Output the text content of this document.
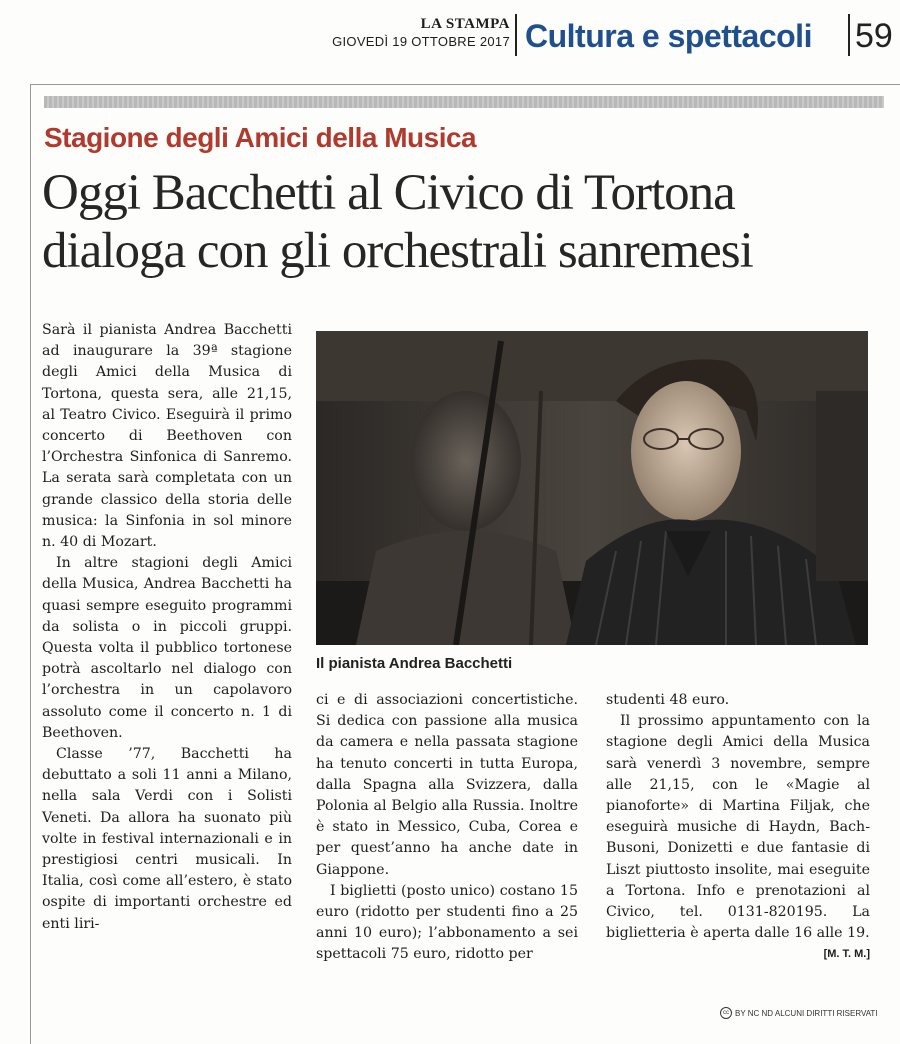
LA STAMPA
GIOVEDÌ 19 OTTOBRE 2017 Cultura e spettacoli 59
Stagione degli Amici della Musica
Oggi Bacchetti al Civico di Tortona
dialoga con gli orchestrali sanremesi
Il pianista Andrea Bacchetti

Sarà il pianista Andrea Bacchetti ad inaugurare la 39ª stagione degli Amici della Musica di Tortona, questa sera, alle 21,15, al Teatro Civico. Eseguirà il primo concerto di Beethoven con l’Orchestra Sinfonica di Sanremo. La serata sarà completata con un grande classico della storia delle musica: la Sinfonia in sol minore n. 40 di Mozart.

In altre stagioni degli Amici della Musica, Andrea Bacchetti ha quasi sempre eseguito programmi da solista o in piccoli gruppi. Questa volta il pubblico tortonese potrà ascoltarlo nel dialogo con l’orchestra in un capolavoro assoluto come il concerto n. 1 di Beethoven.

Classe ’77, Bacchetti ha debuttato a soli 11 anni a Milano, nella sala Verdi con i Solisti Veneti. Da allora ha suonato più volte in festival internazionali e in prestigiosi centri musicali. In Italia, così come all’estero, è stato ospite di importanti orchestre ed enti liri-

ci e di associazioni concertistiche. Si dedica con passione alla musica da camera e nella passata stagione ha tenuto concerti in tutta Europa, dalla Spagna alla Svizzera, dalla Polonia al Belgio alla Russia. Inoltre è stato in Messico, Cuba, Corea e per quest’anno ha anche date in Giappone.

I biglietti (posto unico) costano 15 euro (ridotto per studenti fino a 25 anni 10 euro); l’abbonamento a sei spettacoli 75 euro, ridotto per

studenti 48 euro.

Il prossimo appuntamento con la stagione degli Amici della Musica sarà venerdì 3 novembre, sempre alle 21,15, con le «Magie al pianoforte» di Martina Filjak, che eseguirà musiche di Haydn, Bach-Busoni, Donizetti e due fantasie di Liszt piuttosto insolite, mai eseguite a Tortona. Info e prenotazioni al Civico, tel. 0131-820195. La biglietteria è aperta dalle 16 alle 19.

[M. T. M.]

cc BY NC ND ALCUNI DIRITTI RISERVATI
